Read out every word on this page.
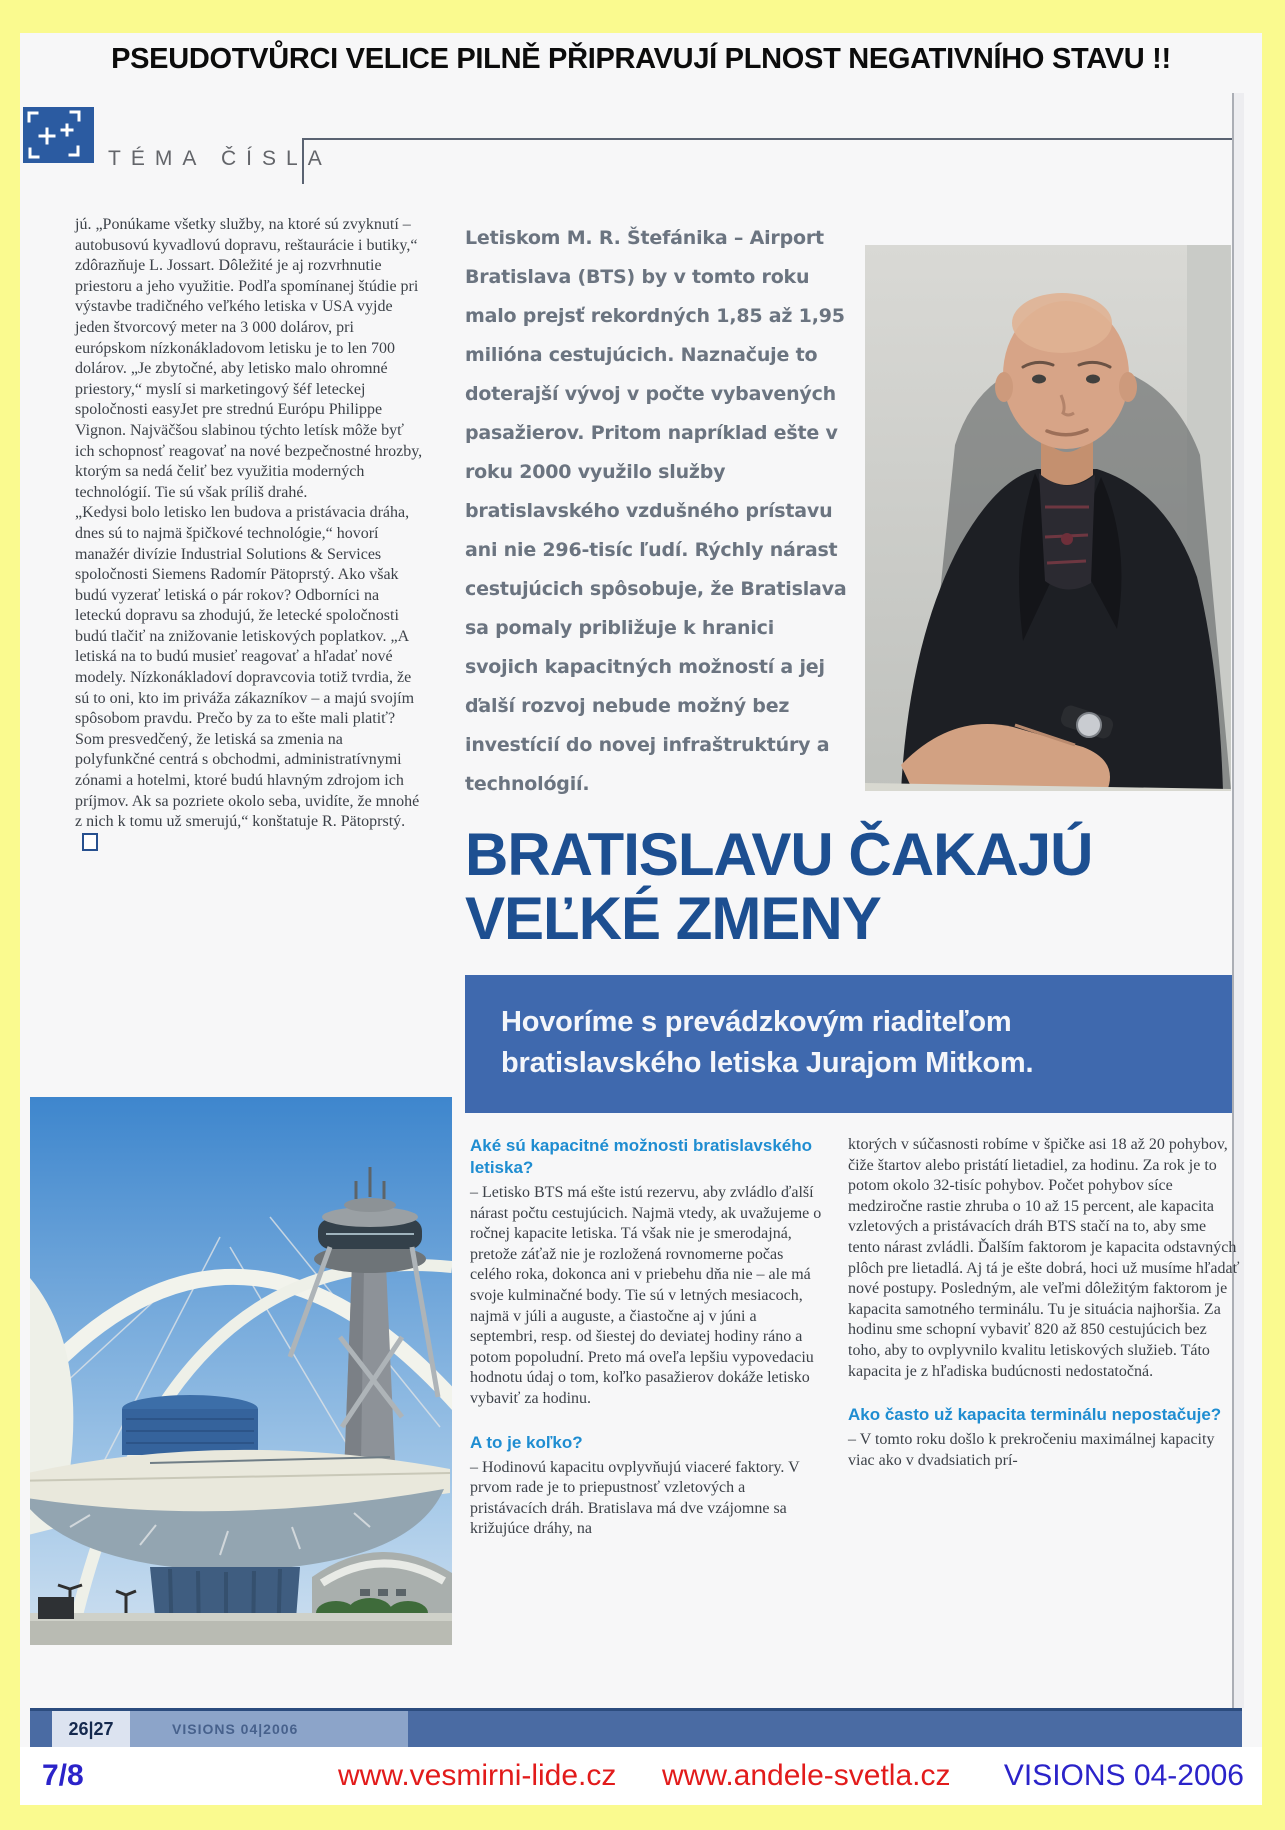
PSEUDOTVŮRCI VELICE PILNĚ PŘIPRAVUJÍ PLNOST NEGATIVNÍHO STAVU !!
TÉMA ČÍSLA

jú. „Ponúkame všetky služby, na ktoré sú zvyknutí – autobusovú kyvadlovú dopravu, reštaurácie i butiky,“ zdôrazňuje L. Jossart. Dôležité je aj rozvrhnutie priestoru a jeho využitie. Podľa spomínanej štúdie pri výstavbe tradičného veľkého letiska v USA vyjde jeden štvorcový meter na 3 000 dolárov, pri európskom nízkonákladovom letisku je to len 700 dolárov. „Je zbytočné, aby letisko malo ohromné priestory,“ myslí si marketingový šéf leteckej spoločnosti easyJet pre strednú Európu Philippe Vignon. Najväčšou slabinou týchto letísk môže byť ich schopnosť reagovať na nové bezpečnostné hrozby, ktorým sa nedá čeliť bez využitia moderných technológií. Tie sú však príliš drahé.

„Kedysi bolo letisko len budova a pristávacia dráha, dnes sú to najmä špičkové technológie,“ hovorí manažér divízie Industrial Solutions & Services spoločnosti Siemens Radomír Pätoprstý. Ako však budú vyzerať letiská o pár rokov? Odborníci na leteckú dopravu sa zhodujú, že letecké spoločnosti budú tlačiť na znižovanie letiskových poplatkov. „A letiská na to budú musieť reagovať a hľadať nové modely. Nízkonákladoví dopravcovia totiž tvrdia, že sú to oni, kto im priváža zákazníkov – a majú svojím spôsobom pravdu. Prečo by za to ešte mali platiť? Som presvedčený, že letiská sa zmenia na polyfunkčné centrá s obchodmi, administratívnymi zónami a hotelmi, ktoré budú hlavným zdrojom ich príjmov. Ak sa pozriete okolo seba, uvidíte, že mnohé z nich k tomu už smerujú,“ konštatuje R. Pätoprstý.

Letiskom M. R. Štefánika – Airport Bratislava (BTS) by v tomto roku malo prejsť rekordných 1,85 až 1,95 milióna cestujúcich. Naznačuje to doterajší vývoj v počte vybavených pasažierov. Pritom napríklad ešte v roku 2000 využilo služby bratislavského vzdušného prístavu ani nie 296-tisíc ľudí. Rýchly nárast cestujúcich spôsobuje, že Bratislava sa pomaly približuje k hranici svojich kapacitných možností a jej ďalší rozvoj nebude možný bez investícií do novej infraštruktúry a technológií.
BRATISLAVU ČAKAJÚ
VEĽKÉ ZMENY
Hovoríme s prevádzkovým riaditeľom bratislavského letiska Jurajom Mitkom.
Aké sú kapacitné možnosti bratislavského letiska?

– Letisko BTS má ešte istú rezervu, aby zvládlo ďalší nárast počtu cestujúcich. Najmä vtedy, ak uvažujeme o ročnej kapacite letiska. Tá však nie je smerodajná, pretože záťaž nie je rozložená rovnomerne počas celého roka, dokonca ani v priebehu dňa nie – ale má svoje kulminačné body. Tie sú v letných mesiacoch, najmä v júli a auguste, a čiastočne aj v júni a septembri, resp. od šiestej do deviatej hodiny ráno a potom popoludní. Preto má oveľa lepšiu vypovedaciu hodnotu údaj o tom, koľko pasažierov dokáže letisko vybaviť za hodinu.

A to je koľko?

– Hodinovú kapacitu ovplyvňujú viaceré faktory. V prvom rade je to priepustnosť vzletových a pristávacích dráh. Bratislava má dve vzájomne sa križujúce dráhy, na

ktorých v súčasnosti robíme v špičke asi 18 až 20 pohybov, čiže štartov alebo pristátí lietadiel, za hodinu. Za rok je to potom okolo 32-tisíc pohybov. Počet pohybov síce medziročne rastie zhruba o 10 až 15 percent, ale kapacita vzletových a pristávacích dráh BTS stačí na to, aby sme tento nárast zvládli. Ďalším faktorom je kapacita odstavných plôch pre lietadlá. Aj tá je ešte dobrá, hoci už musíme hľadať nové postupy. Posledným, ale veľmi dôležitým faktorom je kapacita samotného terminálu. Tu je situácia najhoršia. Za hodinu sme schopní vybaviť 820 až 850 cestujúcich bez toho, aby to ovplyvnilo kvalitu letiskových služieb. Táto kapacita je z hľadiska budúcnosti nedostatočná.

Ako často už kapacita terminálu nepostačuje?

– V tomto roku došlo k prekročeniu maximálnej kapacity viac ako v dvadsiatich prí-

26|27	VISIONS 04|2006
7/8	www.vesmirni-lide.cz www.andele-svetla.cz VISIONS 04-2006
